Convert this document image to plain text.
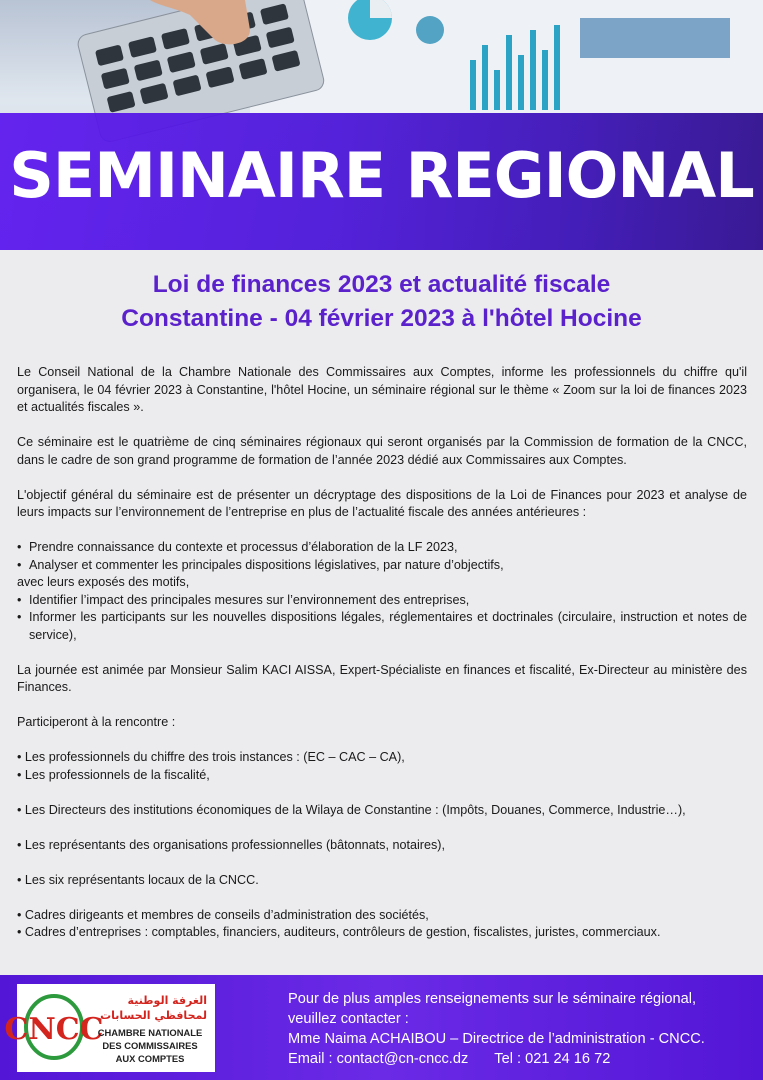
SEMINAIRE REGIONAL
Loi de finances 2023 et actualité fiscale
Constantine - 04 février 2023 à l'hôtel Hocine

Le Conseil National de la Chambre Nationale des Commissaires aux Comptes, informe les professionnels du chiffre qu'il organisera, le 04 février 2023 à Constantine, l'hôtel Hocine, un séminaire régional sur le thème « Zoom sur la loi de finances 2023 et actualités fiscales ».

Ce séminaire est le quatrième de cinq séminaires régionaux qui seront organisés par la Commission de formation de la CNCC, dans le cadre de son grand programme de formation de l’année 2023 dédié aux Commissaires aux Comptes.

L'objectif général du séminaire est de présenter un décryptage des dispositions de la Loi de Finances pour 2023 et analyse de leurs impacts sur l’environnement de l’entreprise en plus de l’actualité fiscale des années antérieures :

• Prendre connaissance du contexte et processus d’élaboration de la LF 2023,
• Analyser et commenter les principales dispositions législatives, par nature d’objectifs,

avec leurs exposés des motifs,

• Identifier l’impact des principales mesures sur l’environnement des entreprises,
• Informer les participants sur les nouvelles dispositions légales, réglementaires et doctrinales (circulaire, instruction et notes de service),

La journée est animée par Monsieur Salim KACI AISSA, Expert-Spécialiste en finances et fiscalité, Ex-Directeur au ministère des Finances.

Participeront à la rencontre :

• Les professionnels du chiffre des trois instances : (EC – CAC – CA),

• Les professionnels de la fiscalité,

• Les Directeurs des institutions économiques de la Wilaya de Constantine : (Impôts, Douanes, Commerce, Industrie…),

• Les représentants des organisations professionnelles (bâtonnats, notaires),

• Les six représentants locaux de la CNCC.

• Cadres dirigeants et membres de conseils d’administration des sociétés,

• Cadres d’entreprises : comptables, financiers, auditeurs, contrôleurs de gestion, fiscalistes, juristes, commerciaux.

CNCC
الغرفة الوطنية
لمحافظي الحسابات
CHAMBRE NATIONALE
DES COMMISSAIRES
AUX COMPTES
Pour de plus amples renseignements sur le séminaire régional,
veuillez contacter :
Mme Naima ACHAIBOU – Directrice de l’administration - CNCC.
Email : contact@cn-cncc.dz Tel : 021 24 16 72
